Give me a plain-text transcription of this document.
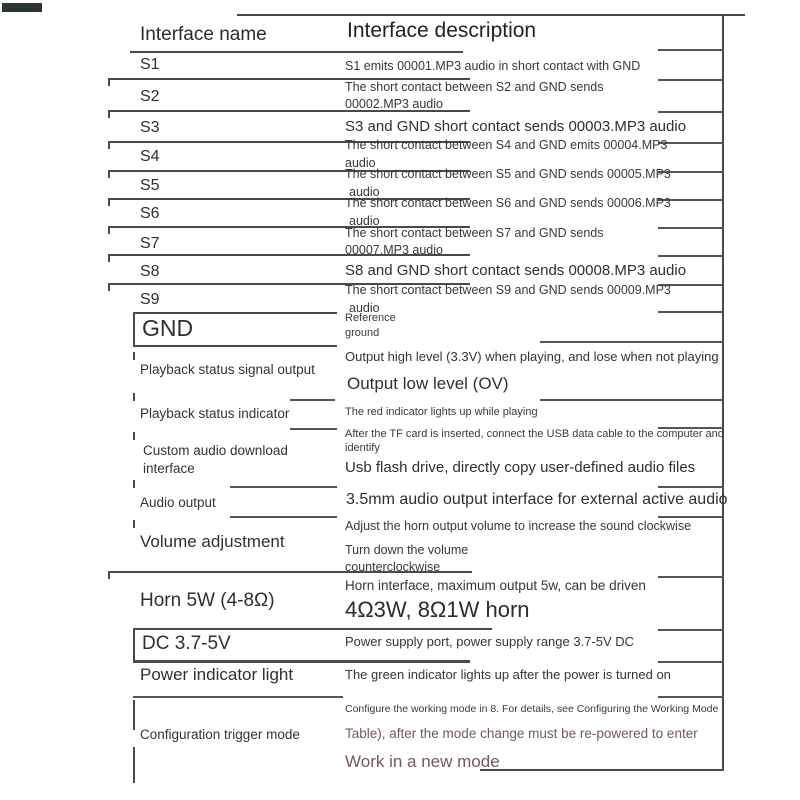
Interface name	Interface description
S1
S2
S3
S4
S5
S6
S7
S8
S9
GND
Playback status signal output
Playback status indicator
Custom audio download interface
Audio output
Volume adjustment
Horn 5W (4-8Ω)
DC 3.7-5V
Power indicator light
Configuration trigger mode
S1 emits 00001.MP3 audio in short contact with GND
The short contact between S2 and GND sends
00002.MP3 audio
S3 and GND short contact sends 00003.MP3 audio
The short contact between S4 and GND emits 00004.MP3
audio
The short contact between S5 and GND sends 00005.MP3
audio
The short contact between S6 and GND sends 00006.MP3
audio
The short contact between S7 and GND sends
00007.MP3 audio
S8 and GND short contact sends 00008.MP3 audio
The short contact between S9 and GND sends 00009.MP3
audio
Reference
ground
Output high level (3.3V) when playing, and lose when not playing
Output low level (OV)
The red indicator lights up while playing
After the TF card is inserted, connect the USB data cable to the computer and
identify
Usb flash drive, directly copy user-defined audio files
3.5mm audio output interface for external active audio
Adjust the horn output volume to increase the sound clockwise
Turn down the volume
counterclockwise
Horn interface, maximum output 5w, can be driven
4Ω3W, 8Ω1W horn
Power supply port, power supply range 3.7-5V DC
The green indicator lights up after the power is turned on
Configure the working mode in 8. For details, see Configuring the Working Mode
Table), after the mode change must be re-powered to enter
Work in a new mode
